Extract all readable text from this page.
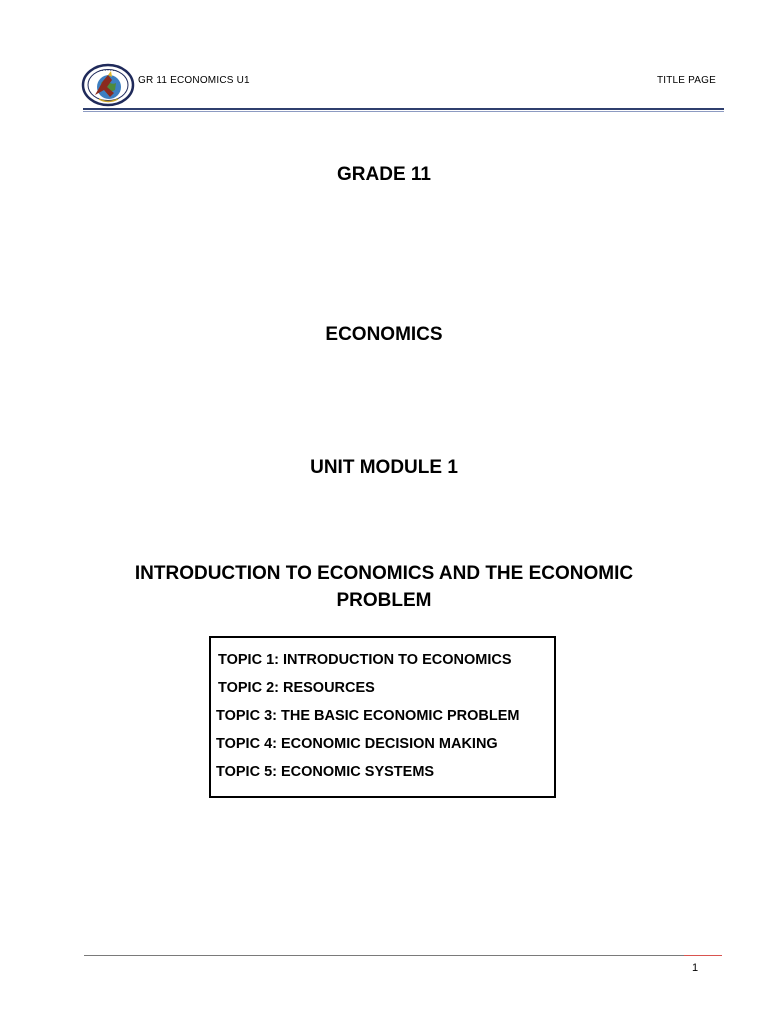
• • • • • • •
GR 11 ECONOMICS U1	TITLE PAGE
GRADE 11
ECONOMICS
UNIT MODULE 1
INTRODUCTION TO ECONOMICS AND THE ECONOMIC PROBLEM
TOPIC 1: INTRODUCTION TO ECONOMICS
TOPIC 2: RESOURCES
TOPIC 3: THE BASIC ECONOMIC PROBLEM
TOPIC 4: ECONOMIC DECISION MAKING
TOPIC 5: ECONOMIC SYSTEMS
1
